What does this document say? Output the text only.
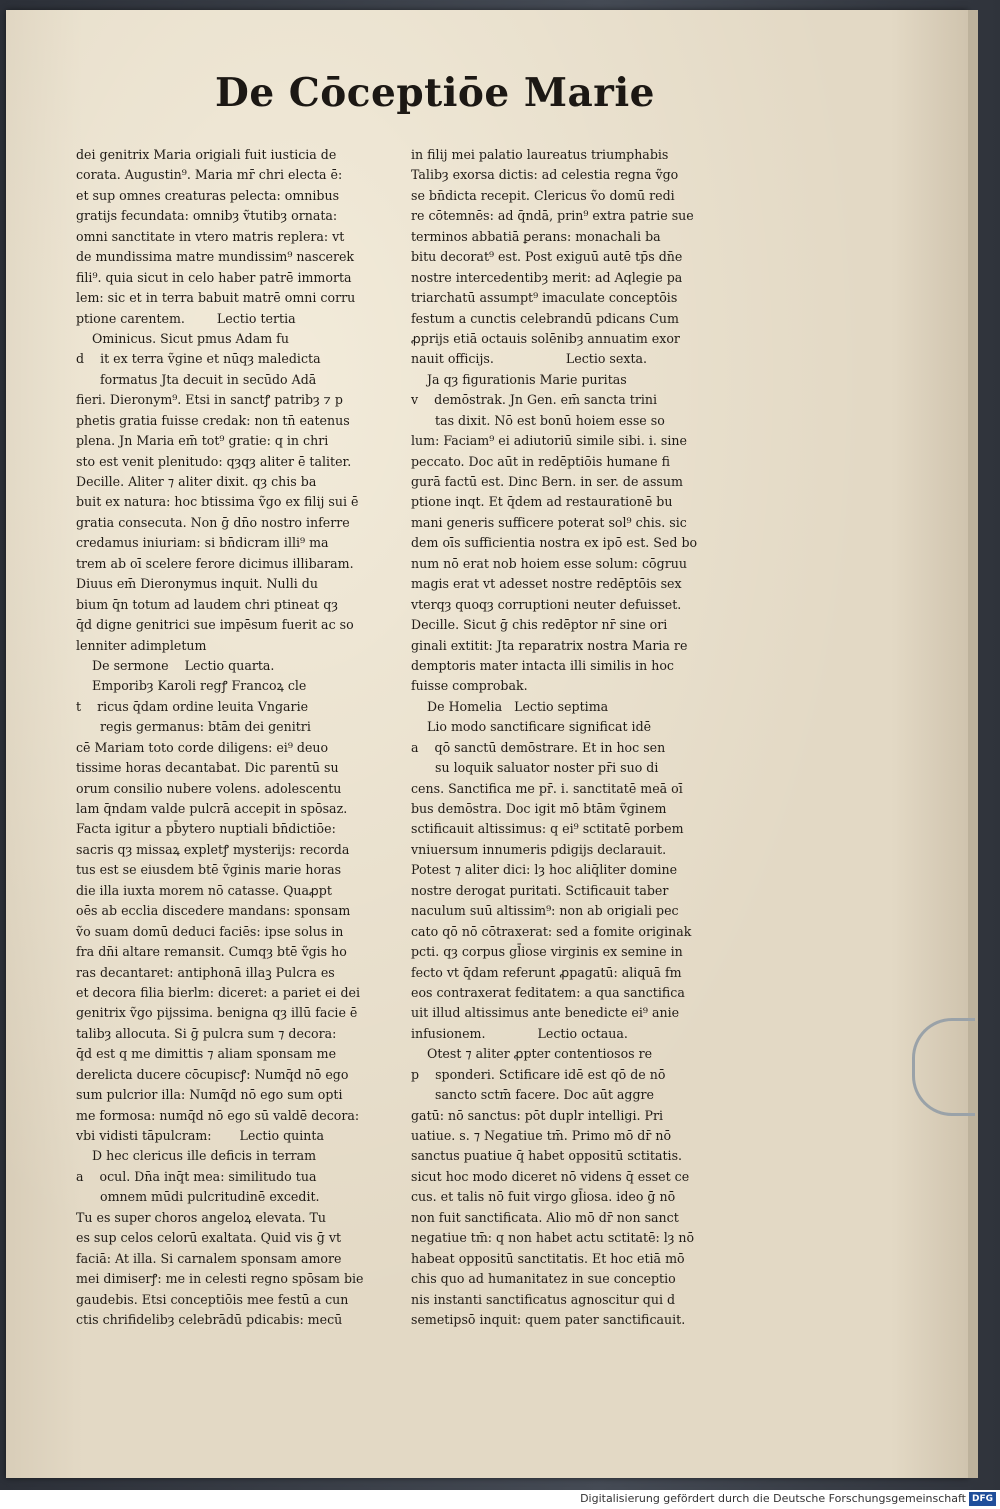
De Cōceptiōe Marie
dei genitrix Maria origiali fuit iusticia de
corata. Augustin⁹. Maria mr̄ chri electa ē:
et sup omnes creaturas pelecta: omnibus
gratijs fecundata: omnibȝ ṽtutibȝ ornata:
omni sanctitate in vtero matris replera: vt
de mundissima matre mundissim⁹ nascerek
fili⁹. quia sicut in celo haber patrē immorta
lem: sic et in terra babuit matrē omni corru
ptione carentem.        Lectio tertia
Ominicus. Sicut pmus Adam fu
d    it ex terra ṽgine et nūqȝ maledicta
formatus Jta decuit in secūdo Adā
fieri. Dieronym⁹. Etsi in sanctꝭ patribȝ ⁊ p
phetis gratia fuisse credak: non tn̄ eatenus
plena. Jn Maria em̄ tot⁹ gratie: q in chri
sto est venit plenitudo: qȝqȝ aliter ē taliter.
Decille. Aliter ⁊ aliter dixit. qȝ chis ba
buit ex natura: hoc btissima ṽgo ex filij sui ē
gratia consecuta. Non ḡ dn̄o nostro inferre
credamus iniuriam: si bn̄dicram illi⁹ ma
trem ab oī scelere ferore dicimus illibaram.
Diuus em̄ Dieronymus inquit. Nulli du
bium q̄n totum ad laudem chri ptineat qȝ
q̄d digne genitrici sue impēsum fuerit ac so
lenniter adimpletum
De sermone    Lectio quarta.
Emporibȝ Karoli regꝭ Francoꝝ cle
t    ricus q̄dam ordine leuita Vngarie
regis germanus: btām dei genitri
cē Mariam toto corde diligens: ei⁹ deuo
tissime horas decantabat. Dic parentū su
orum consilio nubere volens. adolescentu
lam q̄ndam valde pulcrā accepit in spōsaz.
Facta igitur a pb̄ytero nuptiali bn̄dictiōe:
sacris qȝ missaꝝ expletꝭ mysterijs: recorda
tus est se eiusdem btē ṽginis marie horas
die illa iuxta morem nō catasse. Quaꝓpt
oēs ab ecclia discedere mandans: sponsam
ṽo suam domū deduci faciēs: ipse solus in
fra dn̄i altare remansit. Cumqȝ btē ṽgis ho
ras decantaret: antiphonā illaꝫ Pulcra es
et decora filia bierlm: diceret: a pariet ei dei
genitrix ṽgo pijssima. benigna qȝ illū facie ē
talibȝ allocuta. Si ḡ pulcra sum ⁊ decora:
q̄d est q me dimittis ⁊ aliam sponsam me
derelicta ducere cōcupiscꝭ: Numq̄d nō ego
sum pulcrior illa: Numq̄d nō ego sum opti
me formosa: numq̄d nō ego sū valdē decora:
vbi vidisti tāpulcram:       Lectio quinta
D hec clericus ille deficis in terram
a    ocul. Dn̄a inq̄t mea: similitudo tua
omnem mūdi pulcritudinē excedit.
Tu es super choros angeloꝝ elevata. Tu
es sup celos celorū exaltata. Quid vis ḡ vt
faciā: At illa. Si carnalem sponsam amore
mei dimiserꝭ: me in celesti regno spōsam bie
gaudebis. Etsi conceptiōis mee festū a cun
ctis chrifidelibȝ celebrādū pdicabis: mecū
in filij mei palatio laureatus triumphabis
Talibȝ exorsa dictis: ad celestia regna ṽgo
se bn̄dicta recepit. Clericus ṽo domū redi
re cōtemnēs: ad q̄ndā, prin⁹ extra patrie sue
terminos abbatiā ꝑerans: monachali ba
bitu decorat⁹ est. Post exiguū autē tp̄s dn̄e
nostre intercedentibȝ merit: ad Aqlegie pa
triarchatū assumpt⁹ imaculate conceptōis
festum a cunctis celebrandū pdicans Cum
ꝓprijs etiā octauis solēnibȝ annuatim exor
nauit officijs.                  Lectio sexta.
Ja qȝ figurationis Marie puritas
v    demōstrak. Jn Gen. em̄ sancta trini
tas dixit. Nō est bonū hoiem esse so
lum: Faciam⁹ ei adiutoriū simile sibi. i. sine
peccato. Doc aūt in redēptiōis humane fi
gurā factū est. Dinc Bern. in ser. de assum
ptione inqt. Et q̄dem ad restaurationē bu
mani generis sufficere poterat sol⁹ chis. sic
dem oīs sufficientia nostra ex ipō est. Sed bo
num nō erat nob hoiem esse solum: cōgruu
magis erat vt adesset nostre redēptōis sex
vterqȝ quoqȝ corruptioni neuter defuisset.
Decille. Sicut ḡ chis redēptor nr̄ sine ori
ginali extitit: Jta reparatrix nostra Maria re
demptoris mater intacta illi similis in hoc
fuisse comprobak.
De Homelia   Lectio septima
Lio modo sanctificare significat idē
a    qō sanctū demōstrare. Et in hoc sen
su loquik saluator noster pr̄i suo di
cens. Sanctifica me pr̄. i. sanctitatē meā oī
bus demōstra. Doc igit mō btām ṽginem
sctificauit altissimus: q ei⁹ sctitatē porbem
vniuersum innumeris pdigijs declarauit.
Potest ⁊ aliter dici: lȝ hoc aliq̄liter domine
nostre derogat puritati. Sctificauit taber
naculum suū altissim⁹: non ab origiali pec
cato qō nō cōtraxerat: sed a fomite originak
pcti. qȝ corpus gl̄iose virginis ex semine in
fecto vt q̄dam referunt ꝓpagatū: aliquā fm
eos contraxerat feditatem: a qua sanctifica
uit illud altissimus ante benedicte ei⁹ anie
infusionem.             Lectio octaua.
Otest ⁊ aliter ꝓpter contentiosos re
p    sponderi. Sctificare idē est qō de nō
sancto sctm̄ facere. Doc aūt aggre
gatū: nō sanctus: pōt duplr intelligi. Pri
uatiue. s. ⁊ Negatiue tm̄. Primo mō dr̄ nō
sanctus puatiue q̄ habet oppositū sctitatis.
sicut hoc modo diceret nō videns q̄ esset ce
cus. et talis nō fuit virgo gl̄iosa. ideo ḡ nō
non fuit sanctificata. Alio mō dr̄ non sanct
negatiue tm̄: q non habet actu sctitatē: lȝ nō
habeat oppositū sanctitatis. Et hoc etiā mō
chis quo ad humanitatez in sue conceptio
nis instanti sanctificatus agnoscitur qui d
semetipsō inquit: quem pater sanctificauit.
Digitalisierung gefördert durch die Deutsche Forschungsgemeinschaft DFG
